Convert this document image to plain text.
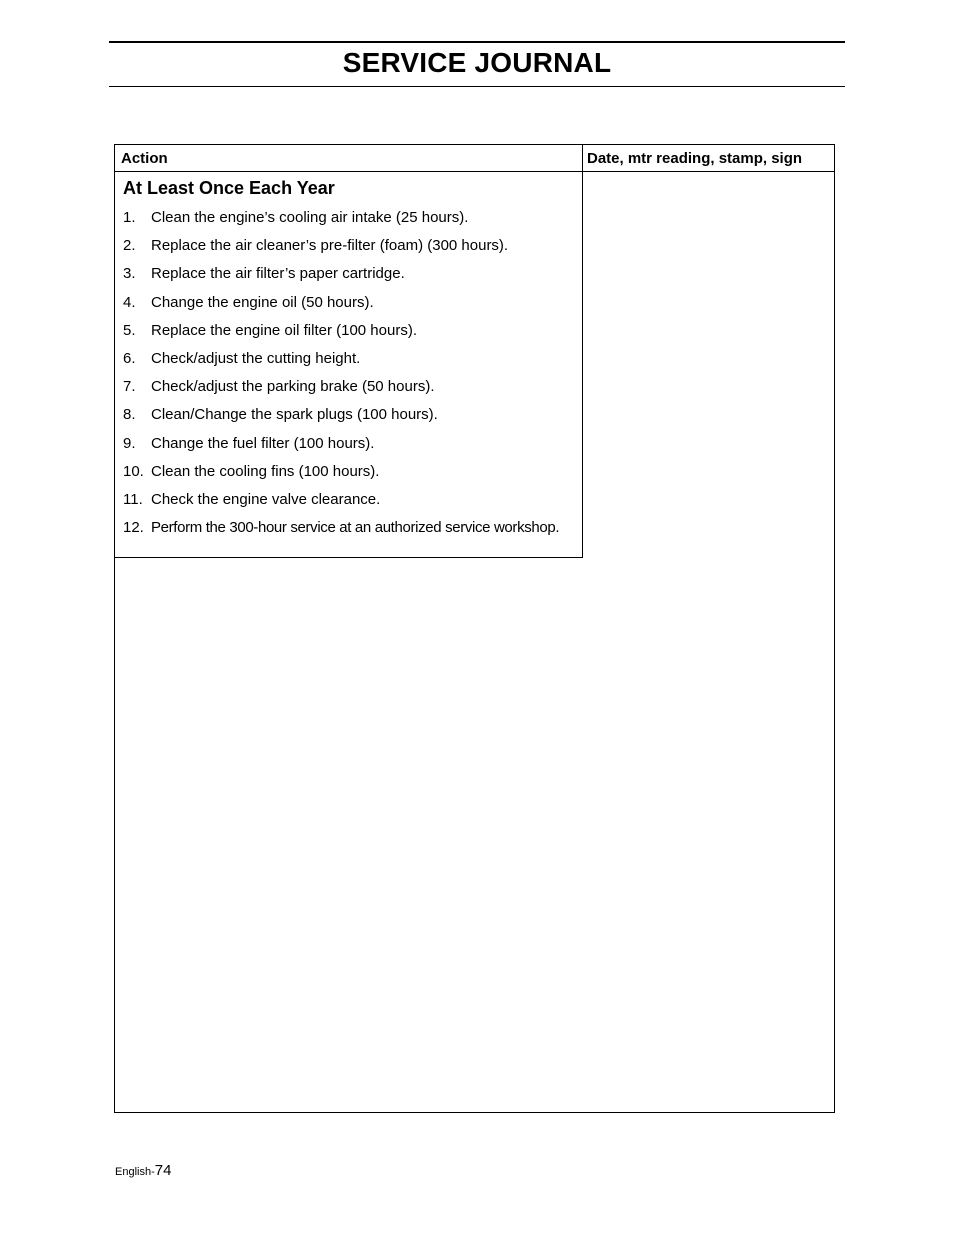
SERVICE JOURNAL
Action	Date, mtr reading, stamp, sign
At Least Once Each Year
1. Clean the engine’s cooling air intake (25 hours).
2. Replace the air cleaner’s pre-filter (foam) (300 hours).
3. Replace the air filter’s paper cartridge.
4. Change the engine oil (50 hours).
5. Replace the engine oil filter (100 hours).
6. Check/adjust the cutting height.
7. Check/adjust the parking brake (50 hours).
8. Clean/Change the spark plugs (100 hours).
9. Change the fuel filter (100 hours).
10. Clean the cooling fins (100 hours).
11. Check the engine valve clearance.
12. Perform the 300-hour service at an authorized service workshop.
English-74
